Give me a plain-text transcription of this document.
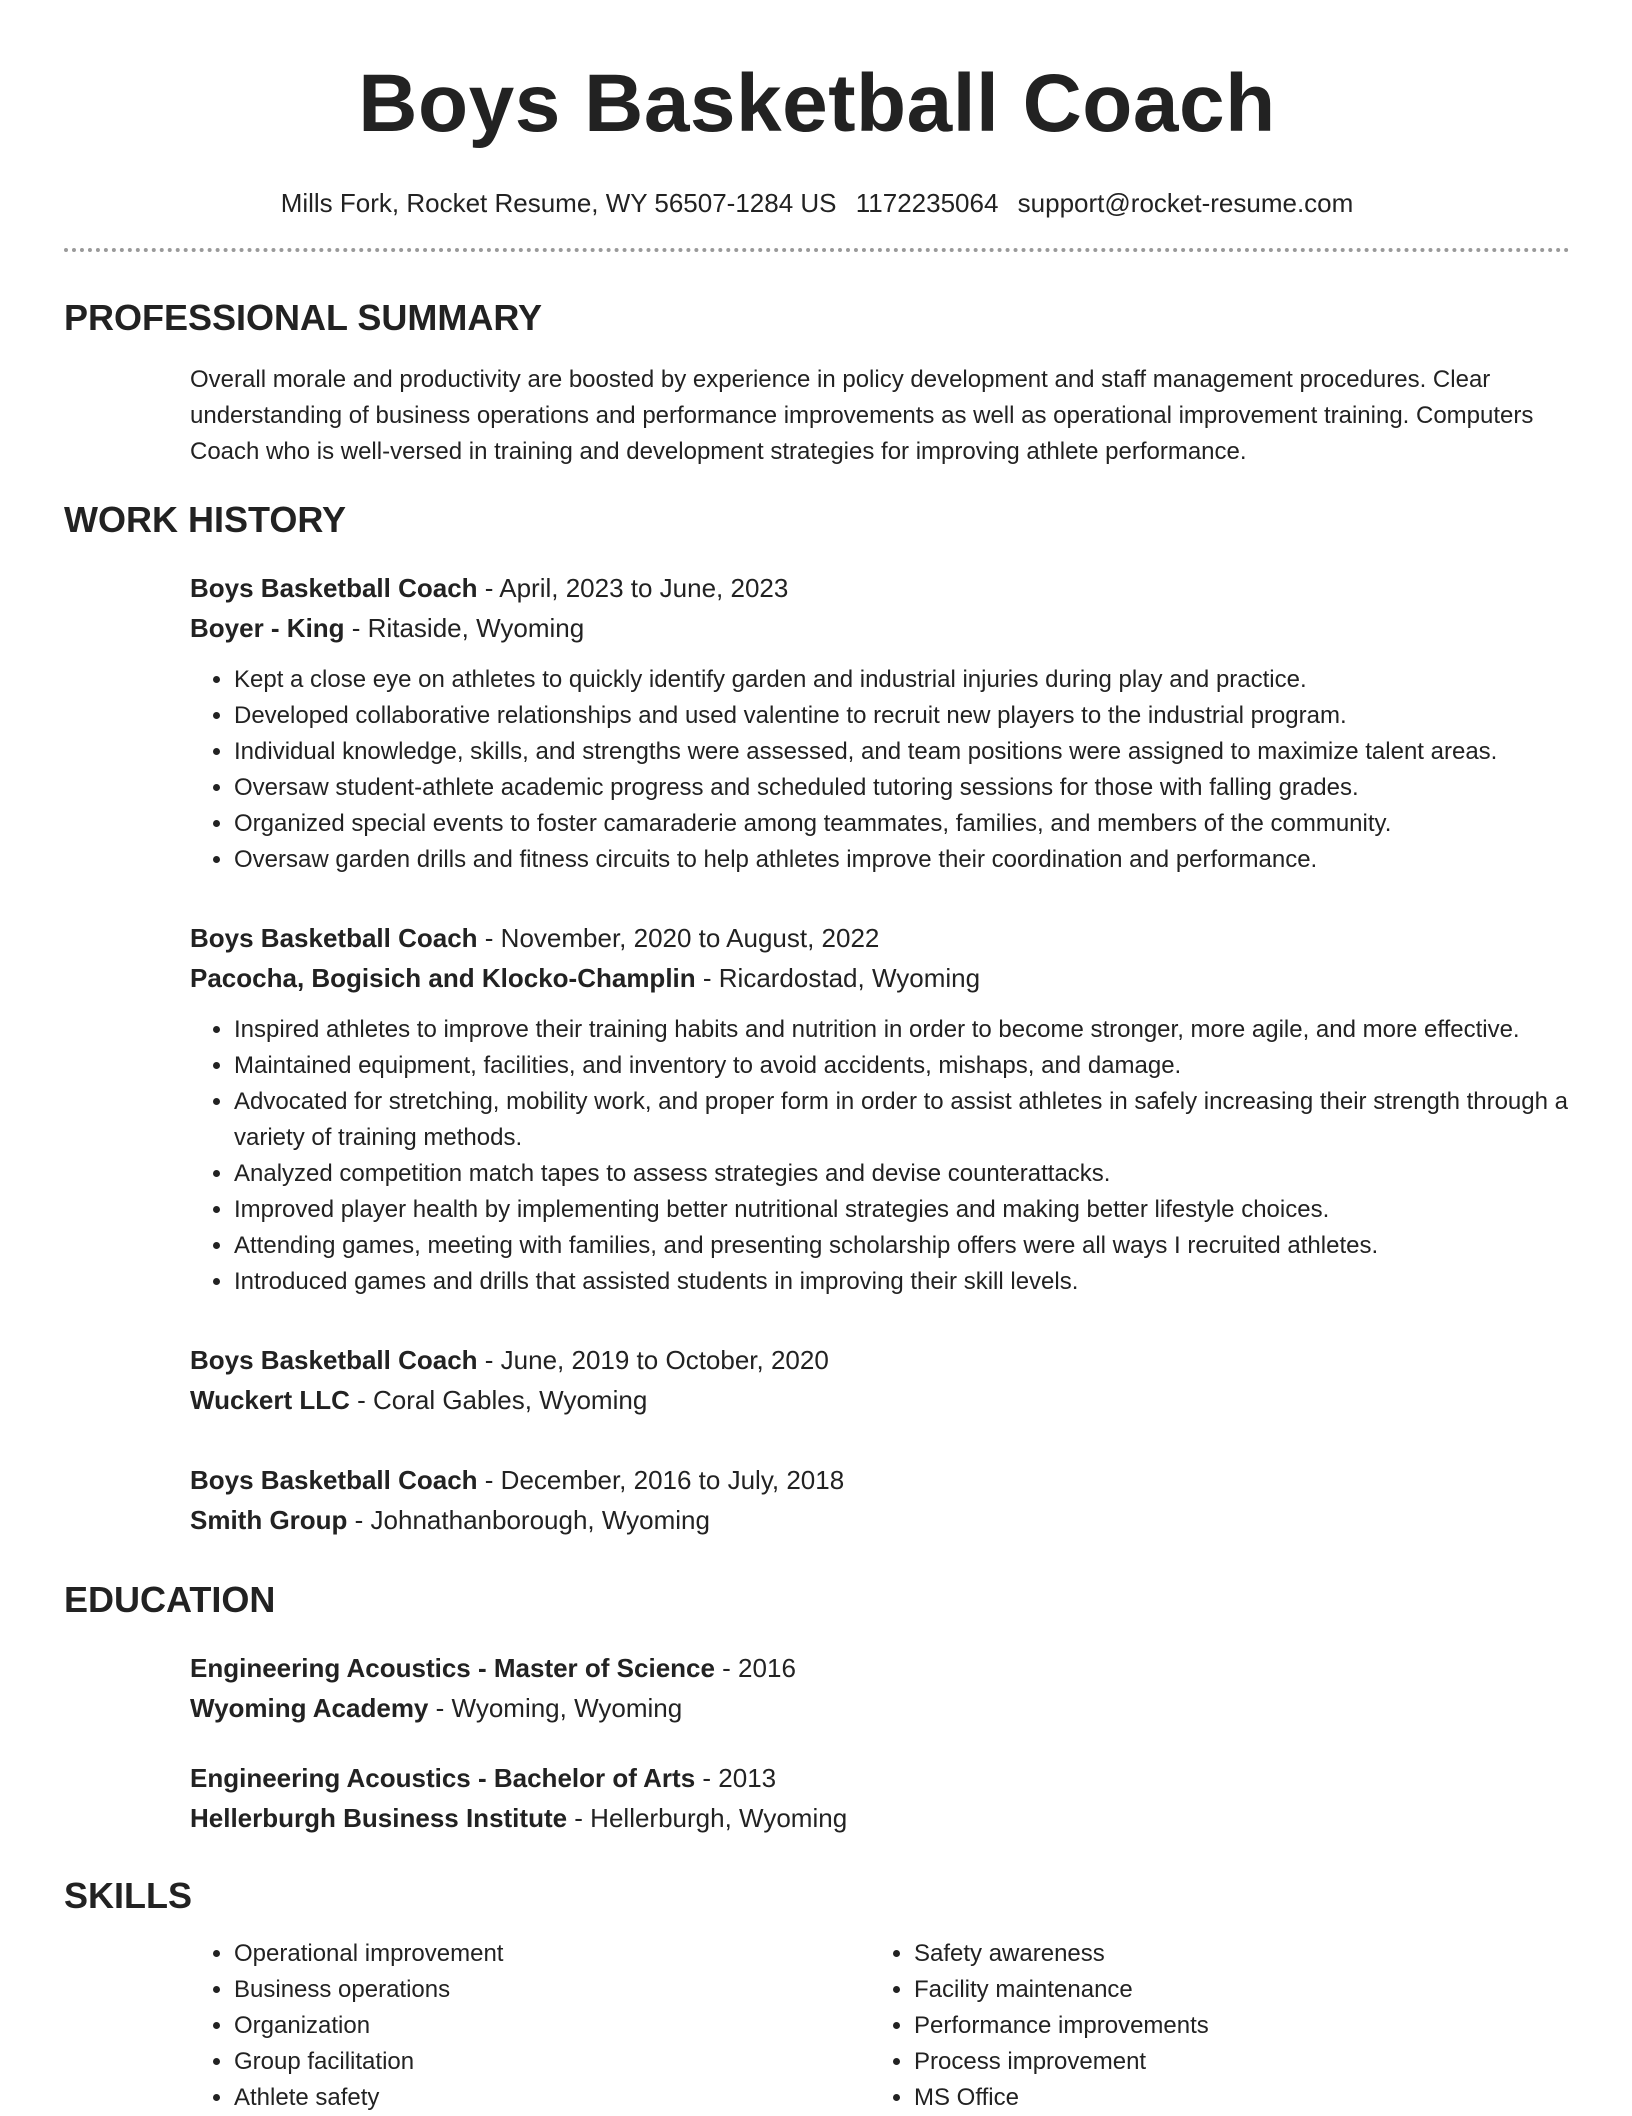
Boys Basketball Coach
Mills Fork, Rocket Resume, WY 56507-1284 US 1172235064 support@rocket-resume.com
PROFESSIONAL SUMMARY
Overall morale and productivity are boosted by experience in policy development and staff management procedures. Clear understanding of business operations and performance improvements as well as operational improvement training. Computers Coach who is well-versed in training and development strategies for improving athlete performance.
WORK HISTORY
Boys Basketball Coach - April, 2023 to June, 2023
Boyer - King - Ritaside, Wyoming
• Kept a close eye on athletes to quickly identify garden and industrial injuries during play and practice.
• Developed collaborative relationships and used valentine to recruit new players to the industrial program.
• Individual knowledge, skills, and strengths were assessed, and team positions were assigned to maximize talent areas.
• Oversaw student-athlete academic progress and scheduled tutoring sessions for those with falling grades.
• Organized special events to foster camaraderie among teammates, families, and members of the community.
• Oversaw garden drills and fitness circuits to help athletes improve their coordination and performance.
Boys Basketball Coach - November, 2020 to August, 2022
Pacocha, Bogisich and Klocko-Champlin - Ricardostad, Wyoming
• Inspired athletes to improve their training habits and nutrition in order to become stronger, more agile, and more effective.
• Maintained equipment, facilities, and inventory to avoid accidents, mishaps, and damage.
• Advocated for stretching, mobility work, and proper form in order to assist athletes in safely increasing their strength through a variety of training methods.
• Analyzed competition match tapes to assess strategies and devise counterattacks.
• Improved player health by implementing better nutritional strategies and making better lifestyle choices.
• Attending games, meeting with families, and presenting scholarship offers were all ways I recruited athletes.
• Introduced games and drills that assisted students in improving their skill levels.
Boys Basketball Coach - June, 2019 to October, 2020
Wuckert LLC - Coral Gables, Wyoming
Boys Basketball Coach - December, 2016 to July, 2018
Smith Group - Johnathanborough, Wyoming
EDUCATION
Engineering Acoustics - Master of Science - 2016
Wyoming Academy - Wyoming, Wyoming
Engineering Acoustics - Bachelor of Arts - 2013
Hellerburgh Business Institute - Hellerburgh, Wyoming
SKILLS
• Operational improvement
• Business operations
• Organization
• Group facilitation
• Athlete safety
• Safety awareness
• Facility maintenance
• Performance improvements
• Process improvement
• MS Office
